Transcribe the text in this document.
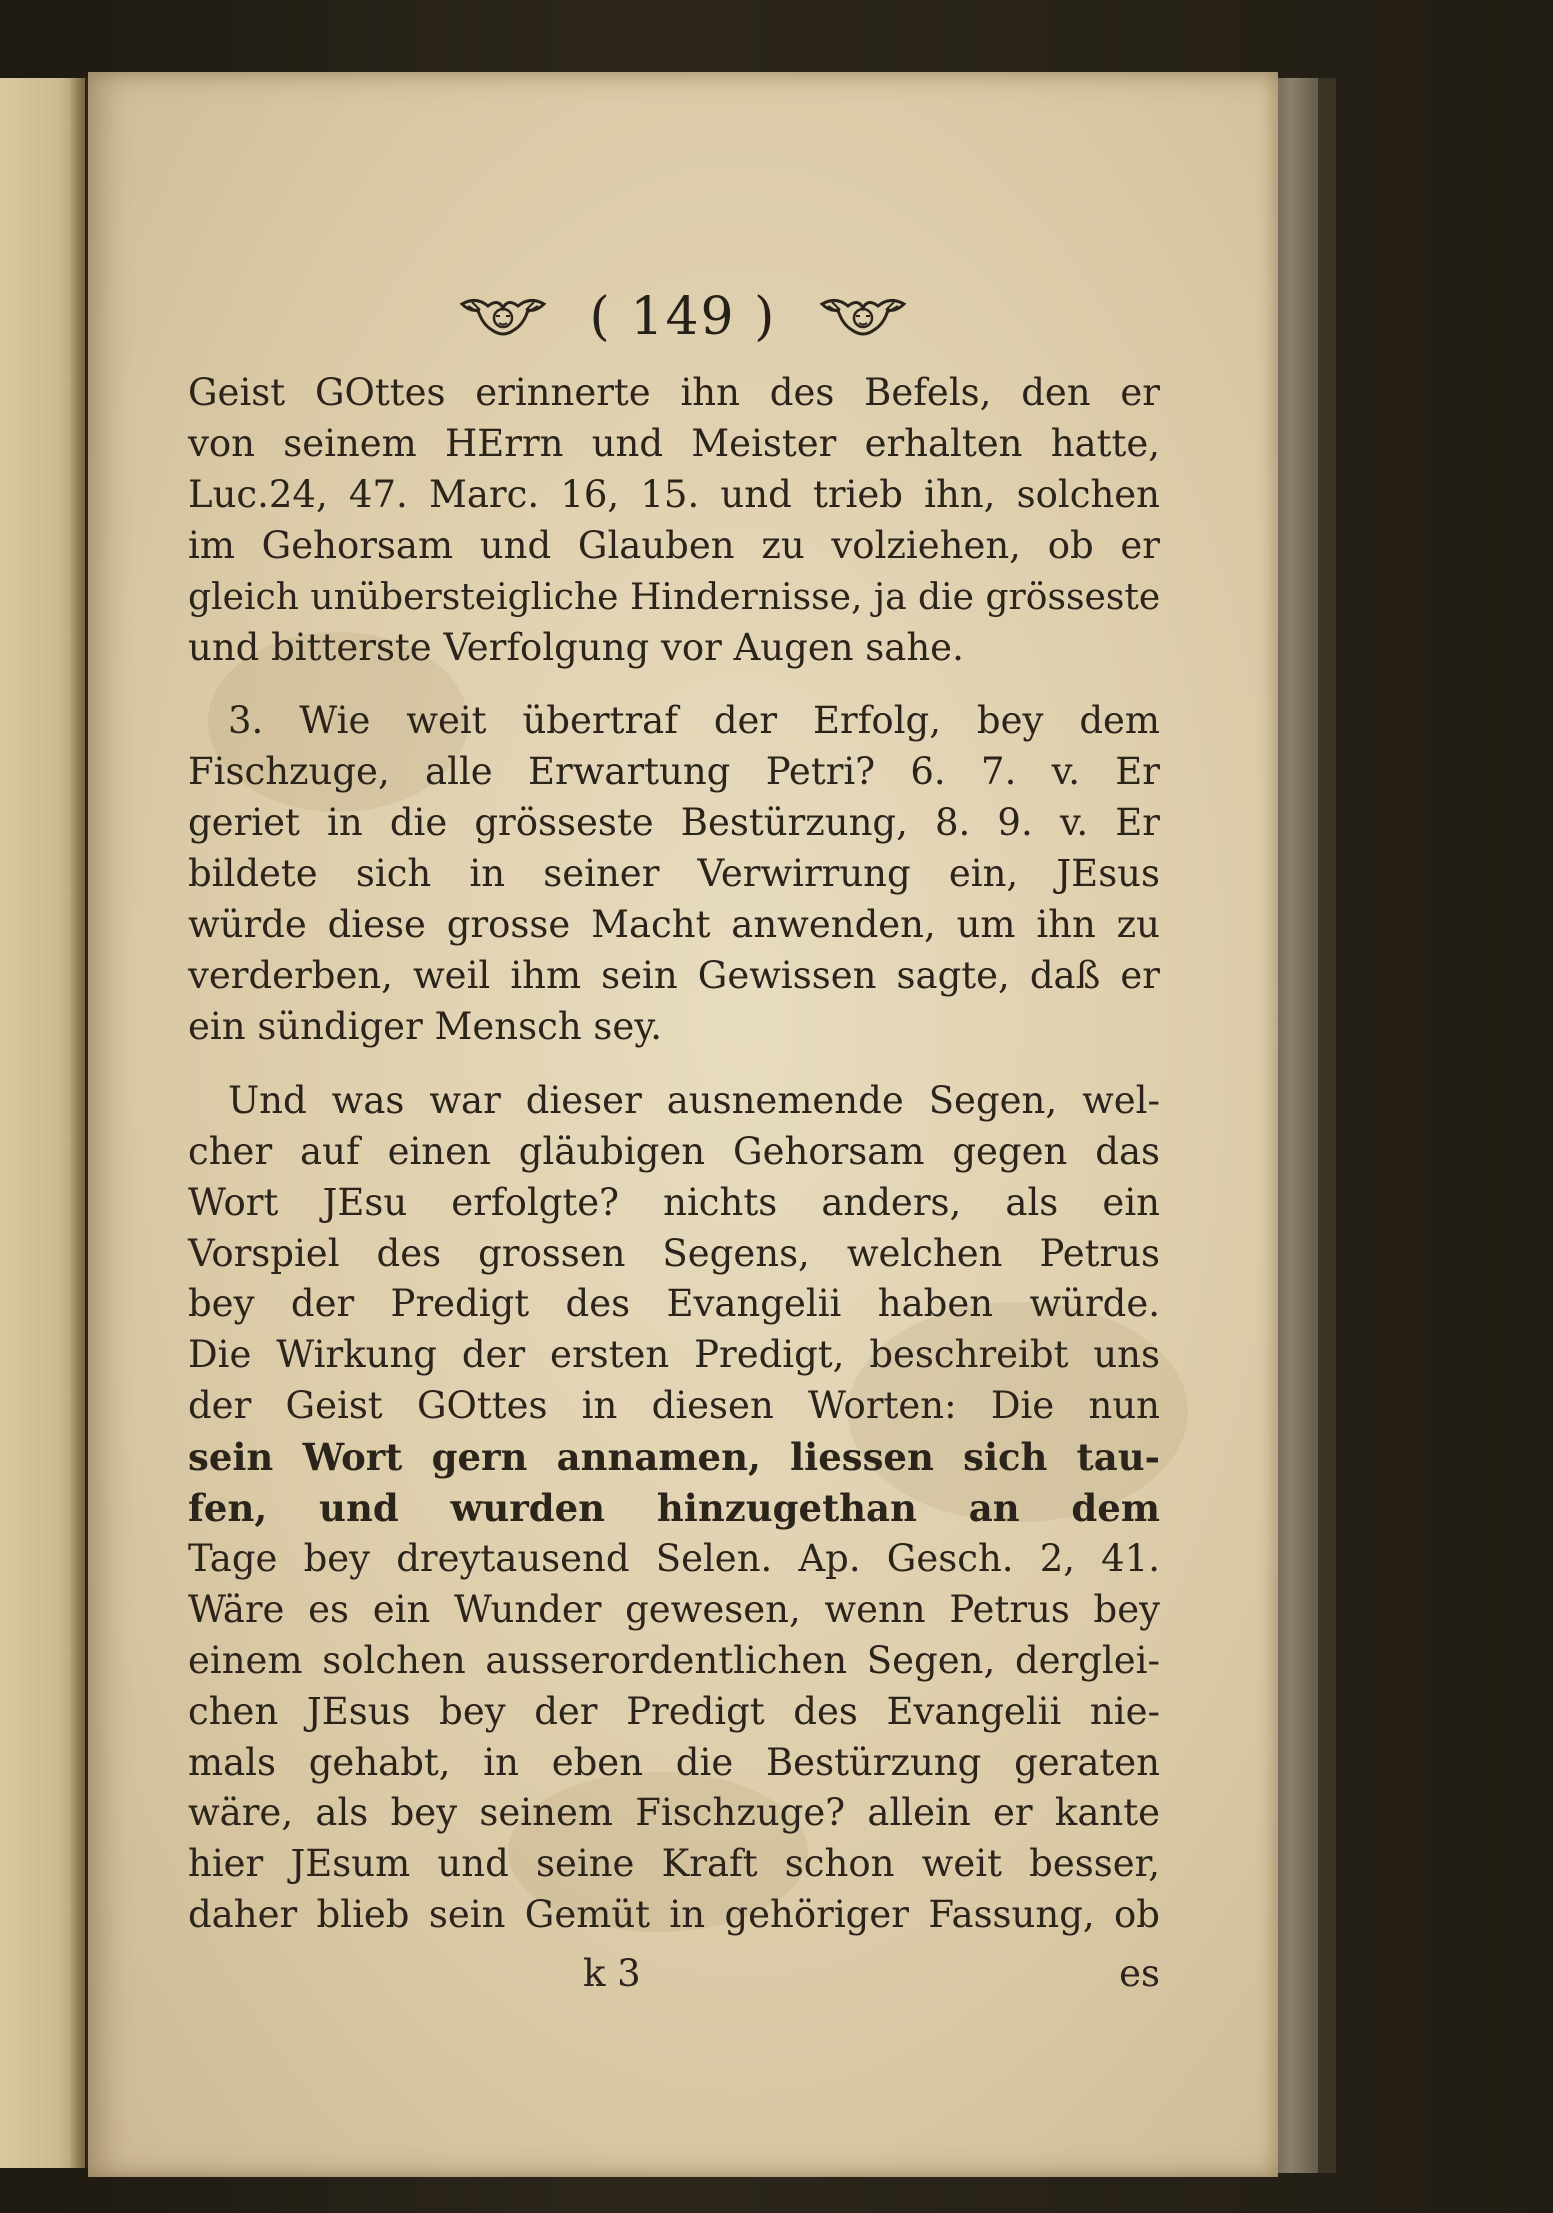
( 149 )
Geist GOttes erinnerte ihn des Befels, den er
von seinem HErrn und Meister erhalten hatte,
Luc.24, 47. Marc. 16, 15. und trieb ihn, solchen
im Gehorsam und Glauben zu volziehen, ob er
gleich unübersteigliche Hindernisse, ja die grösseste
und bitterste Verfolgung vor Augen sahe.
3. Wie weit übertraf der Erfolg, bey dem
Fischzuge, alle Erwartung Petri? 6. 7. v. Er
geriet in die grösseste Bestürzung, 8. 9. v. Er
bildete sich in seiner Verwirrung ein, JEsus
würde diese grosse Macht anwenden, um ihn zu
verderben, weil ihm sein Gewissen sagte, daß er
ein sündiger Mensch sey.
Und was war dieser ausnemende Segen, wel-
cher auf einen gläubigen Gehorsam gegen das
Wort JEsu erfolgte? nichts anders, als ein
Vorspiel des grossen Segens, welchen Petrus
bey der Predigt des Evangelii haben würde.
Die Wirkung der ersten Predigt, beschreibt uns
der Geist GOttes in diesen Worten: Die nun
sein Wort gern annamen, liessen sich tau-
fen, und wurden hinzugethan an dem
Tage bey dreytausend Selen. Ap. Gesch. 2, 41.
Wäre es ein Wunder gewesen, wenn Petrus bey
einem solchen ausserordentlichen Segen, derglei-
chen JEsus bey der Predigt des Evangelii nie-
mals gehabt, in eben die Bestürzung geraten
wäre, als bey seinem Fischzuge? allein er kante
hier JEsum und seine Kraft schon weit besser,
daher blieb sein Gemüt in gehöriger Fassung, ob
k 3	es
